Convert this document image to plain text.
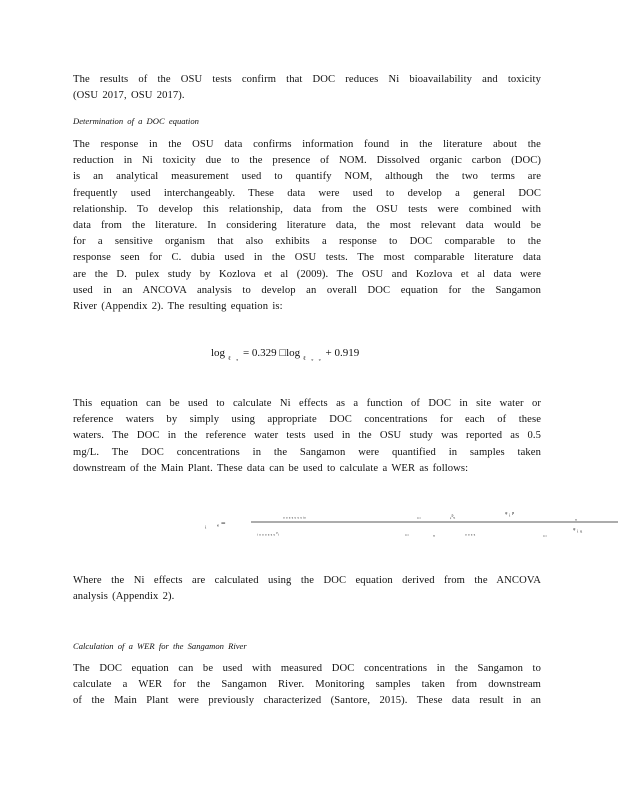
The results of the OSU tests confirm that DOC reduces Ni bioavailability and toxicity
(OSU 2017, OSU 2017).
Determination of a DOC equation
The response in the OSU data confirms information found in the literature about the
reduction in Ni toxicity due to the presence of NOM. Dissolved organic carbon (DOC)
is an analytical measurement used to quantify NOM, although the two terms are
frequently used interchangeably. These data were used to develop a general DOC
relationship. To develop this relationship, data from the OSU tests were combined with
data from the literature. In considering literature data, the most relevant data would be
for a sensitive organism that also exhibits a response to DOC comparable to the
response seen for C. dubia used in the OSU tests. The most comparable literature data
are the D. pulex study by Kozlova et al (2009). The OSU and Kozlova et al data were
used in an ANCOVA analysis to develop an overall DOC equation for the Sangamon
River (Appendix 2). The resulting equation is:
log $_{\ell ᵩ}$ = 0.329 □log $_{\ell ᵩ ᵩ}$ + 0.919
This equation can be used to calculate Ni effects as a function of DOC in site water or
reference waters by simply using appropriate DOC concentrations for each of these
waters. The DOC in the reference water tests used in the OSU study was reported as 0.5
mg/L. The DOC concentrations in the Sangamon were quantified in samples taken
downstream of the Main Plant. These data can be used to calculate a WER as follows:
ᵢ ₑ =
ᵤ ᵤ ᵤ ᵤ ᵤ ᵤ ᵤ ᵢᵤ	,,,	,ᵖᵤ	ᵠ ᵢ ᵖ
ᵤ
ᵢ ᵤ ᵤ ᵤ ᵤ ᵤ ᵤ ᵖᵢ	,,,	ᵤ	ᵤ ᵤ ᵤ ᵤ	,,,
ᵠ ᵢ ᵤ
Where the Ni effects are calculated using the DOC equation derived from the ANCOVA
analysis (Appendix 2).
Calculation of a WER for the Sangamon River
The DOC equation can be used with measured DOC concentrations in the Sangamon to
calculate a WER for the Sangamon River. Monitoring samples taken from downstream
of the Main Plant were previously characterized (Santore, 2015). These data result in an
